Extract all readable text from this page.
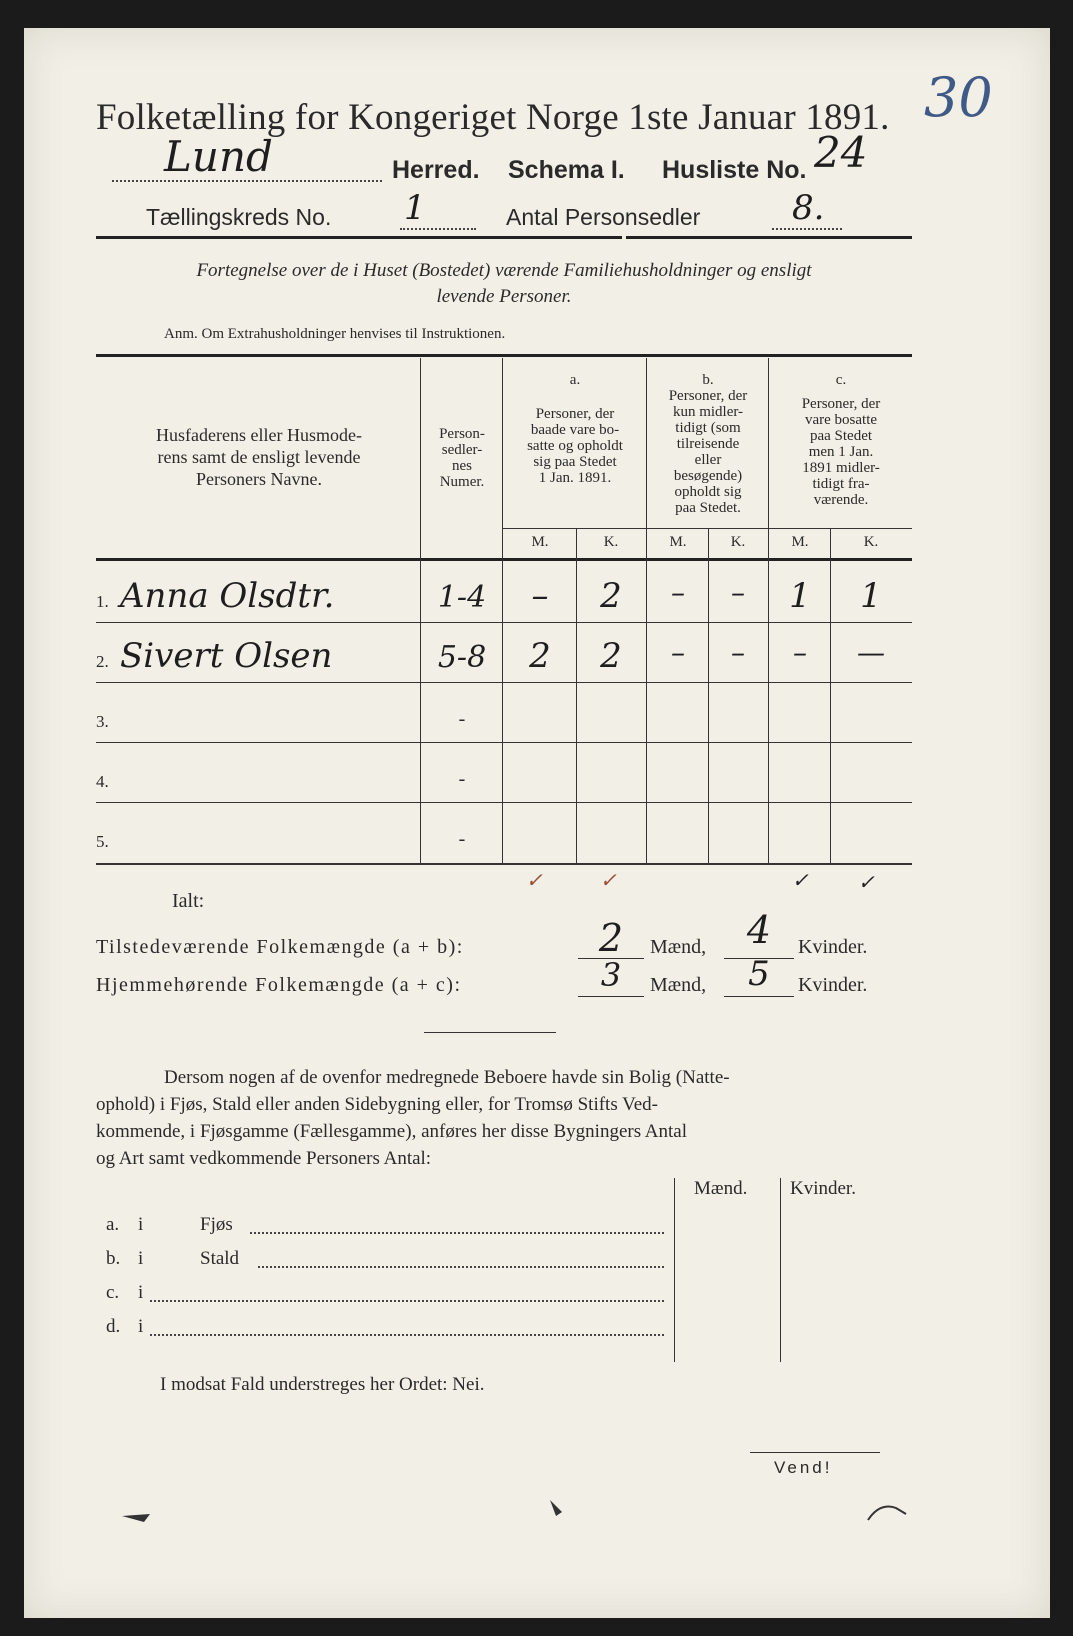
Folketælling for Kongeriget Norge 1ste Januar 1891. 30
Lund	Herred. Schema I. Husliste No. 24
Tællingskreds No. 1	Antal Personsedler	8.
Fortegnelse over de i Huset (Bostedet) værende Familiehusholdninger og ensligt
levende Personer.
Anm. Om Extrahusholdninger henvises til Instruktionen.
Husfaderens eller Husmode-
rens samt de ensligt levende
Personers Navne.
Person-
sedler-
nes
Numer.
a.
Personer, der
baade vare bo-
satte og opholdt
sig paa Stedet
1 Jan. 1891.
b.
Personer, der
kun midler-
tidigt (som
tilreisende
eller
besøgende)
opholdt sig
paa Stedet.
c.
Personer, der
vare bosatte
paa Stedet
men 1 Jan.
1891 midler-
tidigt fra-
værende.
M.	K.	M.	K.	M.	K.
1. Anna Olsdtr.	1-4	–	2	–	–	1	1
2. Sivert Olsen	5-8	2	2	–	–	–	—
3.	-
4.	-
5.	-
✓	✓	✓ ✓
Ialt:
Tilstedeværende Folkemængde (a + b):	2	Mænd,	4	Kvinder.
Hjemmehørende Folkemængde (a + c):	3	Mænd,	5	Kvinder.
Dersom nogen af de ovenfor medregnede Beboere havde sin Bolig (Natte-
ophold) i Fjøs, Stald eller anden Sidebygning eller, for Tromsø Stifts Ved-
kommende, i Fjøsgamme (Fællesgamme), anføres her disse Bygningers Antal
og Art samt vedkommende Personers Antal:
Mænd. Kvinder.
a. i	Fjøs
b. i	Stald
c. i
d. i
I modsat Fald understreges her Ordet: Nei.
Vend!
